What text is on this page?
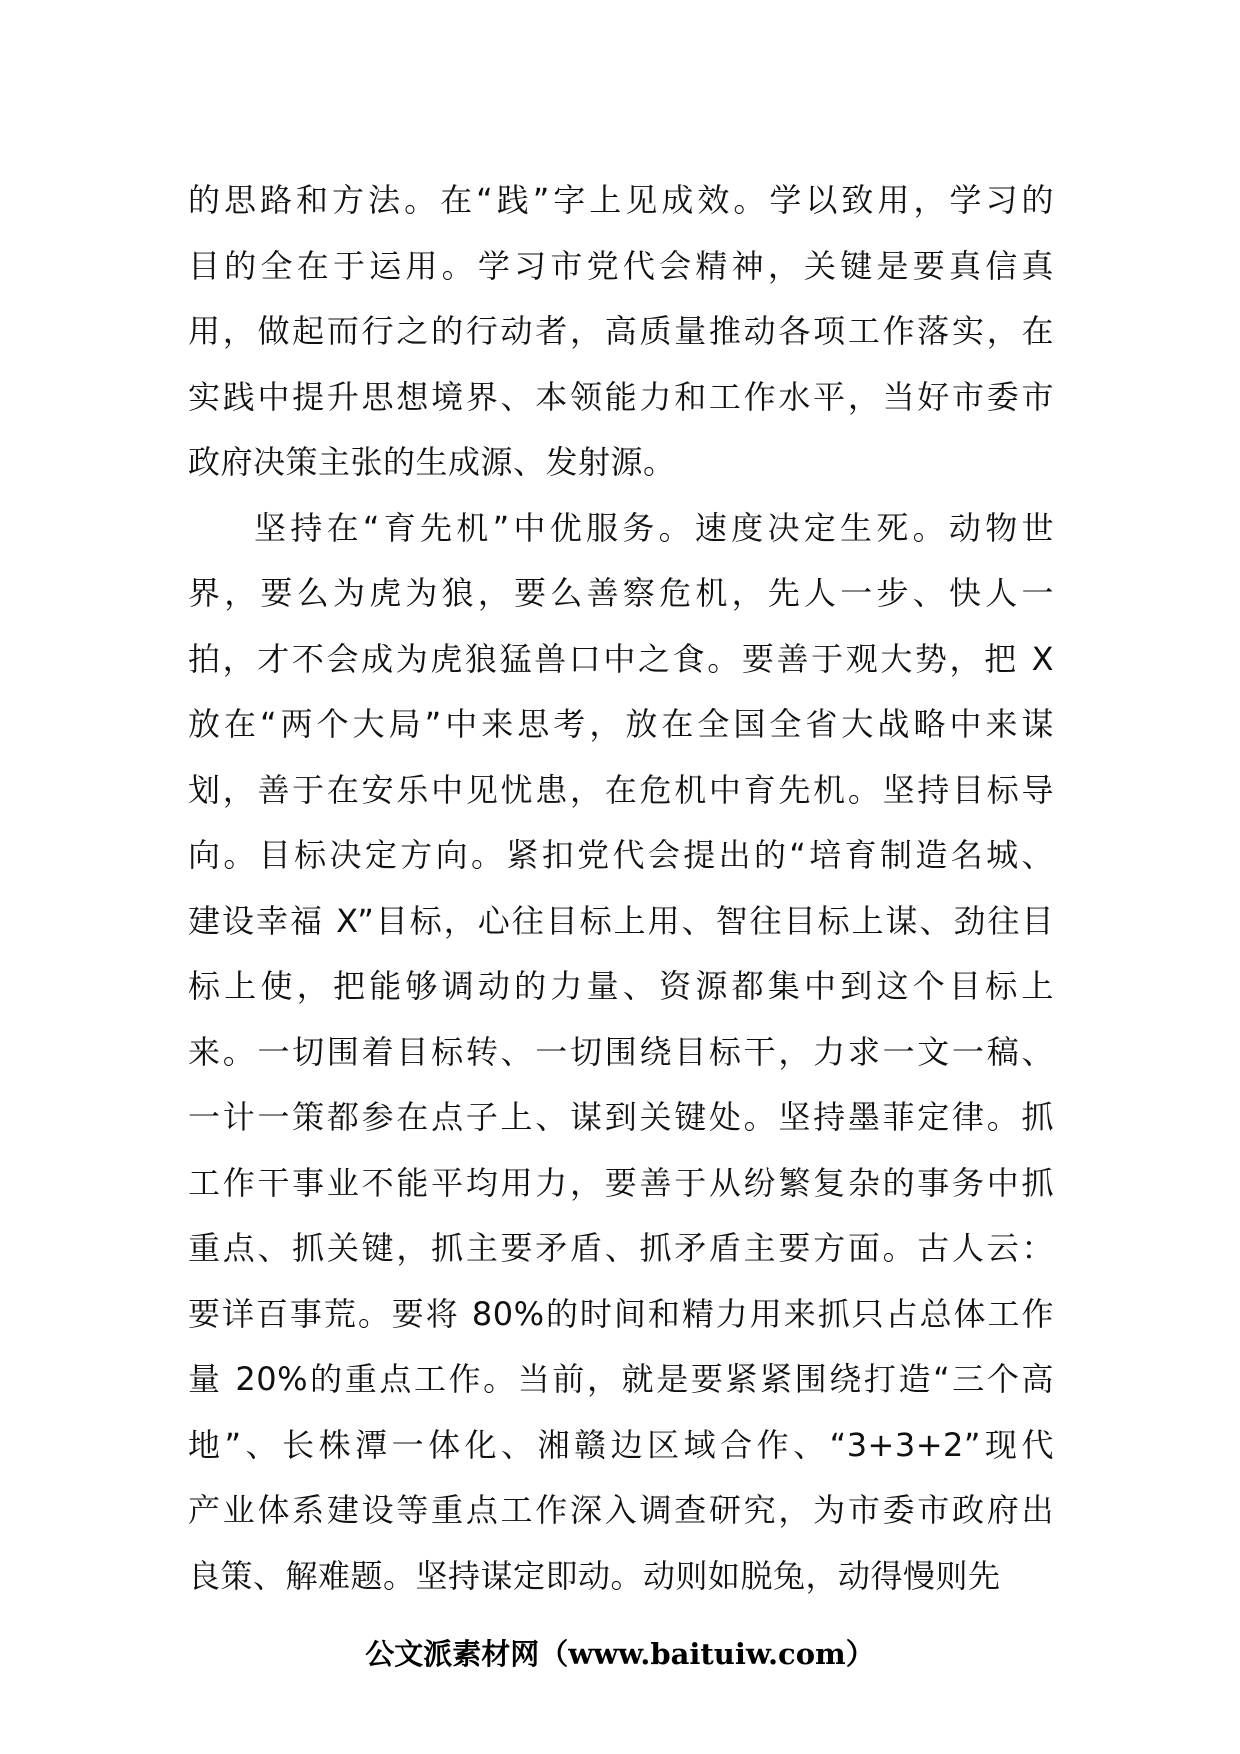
的思路和方法。在“践”字上见成效。学以致用，学习的
目的全在于运用。学习市党代会精神，关键是要真信真
用，做起而行之的行动者，高质量推动各项工作落实，在
实践中提升思想境界、本领能力和工作水平，当好市委市
政府决策主张的生成源、发射源。
坚持在“育先机”中优服务。速度决定生死。动物世
界，要么为虎为狼，要么善察危机，先人一步、快人一
拍，才不会成为虎狼猛兽口中之食。要善于观大势，把 X
放在“两个大局”中来思考，放在全国全省大战略中来谋
划，善于在安乐中见忧患，在危机中育先机。坚持目标导
向。目标决定方向。紧扣党代会提出的“培育制造名城、
建设幸福 X”目标，心往目标上用、智往目标上谋、劲往目
标上使，把能够调动的力量、资源都集中到这个目标上
来。一切围着目标转、一切围绕目标干，力求一文一稿、
一计一策都参在点子上、谋到关键处。坚持墨菲定律。抓
工作干事业不能平均用力，要善于从纷繁复杂的事务中抓
重点、抓关键，抓主要矛盾、抓矛盾主要方面。古人云：
要详百事荒。要将 80%的时间和精力用来抓只占总体工作
量 20%的重点工作。当前，就是要紧紧围绕打造“三个高
地”、长株潭一体化、湘赣边区域合作、“3+3+2”现代
产业体系建设等重点工作深入调查研究，为市委市政府出
良策、解难题。坚持谋定即动。动则如脱兔，动得慢则先
公文派素材网（www.baituiw.com）
